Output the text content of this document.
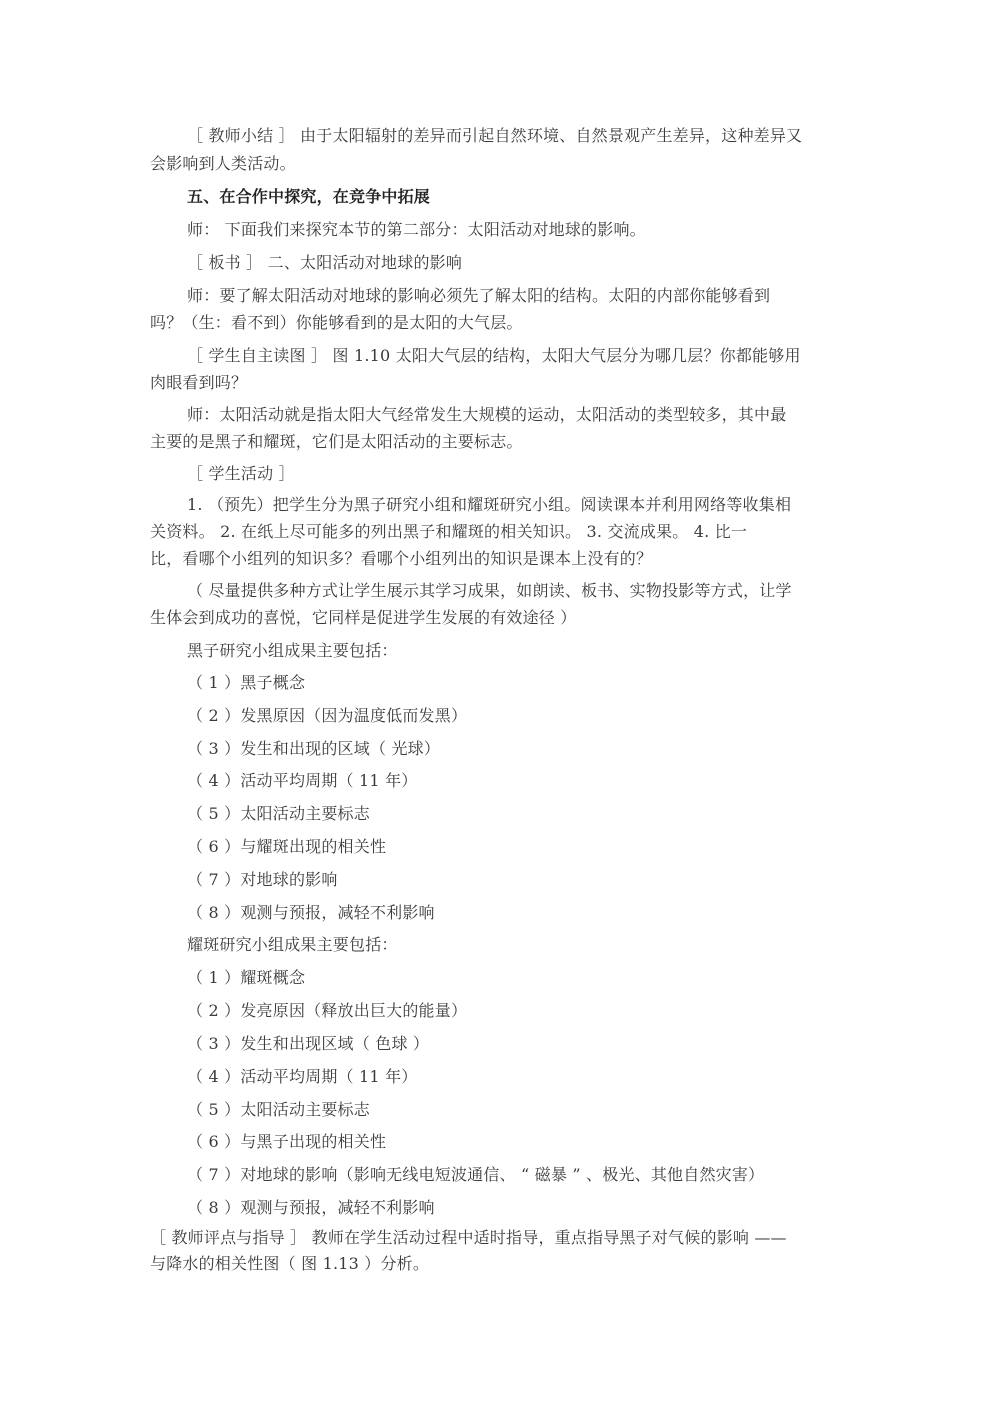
［ 教师小结 ］ 由于太阳辐射的差异而引起自然环境、自然景观产生差异，这种差异又
会影响到人类活动。
五、在合作中探究，在竞争中拓展
师： 下面我们来探究本节的第二部分：太阳活动对地球的影响。
［ 板书 ］ 二、太阳活动对地球的影响
师：要了解太阳活动对地球的影响必须先了解太阳的结构。太阳的内部你能够看到
吗？（生：看不到）你能够看到的是太阳的大气层。
［ 学生自主读图 ］ 图 1.10 太阳大气层的结构，太阳大气层分为哪几层？你都能够用
肉眼看到吗？
师：太阳活动就是指太阳大气经常发生大规模的运动，太阳活动的类型较多，其中最
主要的是黑子和耀斑，它们是太阳活动的主要标志。
［ 学生活动 ］
1. （预先）把学生分为黑子研究小组和耀斑研究小组。阅读课本并利用网络等收集相
关资料。 2. 在纸上尽可能多的列出黑子和耀斑的相关知识。 3. 交流成果。 4. 比一
比，看哪个小组列的知识多？看哪个小组列出的知识是课本上没有的？
（ 尽量提供多种方式让学生展示其学习成果，如朗读、板书、实物投影等方式，让学
生体会到成功的喜悦，它同样是促进学生发展的有效途径 ）
黑子研究小组成果主要包括：
（ 1 ）黑子概念
（ 2 ）发黑原因（因为温度低而发黑）
（ 3 ）发生和出现的区域（ 光球）
（ 4 ）活动平均周期（ 11 年）
（ 5 ）太阳活动主要标志
（ 6 ）与耀斑出现的相关性
（ 7 ）对地球的影响
（ 8 ）观测与预报，减轻不利影响
耀斑研究小组成果主要包括：
（ 1 ）耀斑概念
（ 2 ）发亮原因（释放出巨大的能量）
（ 3 ）发生和出现区域（ 色球 ）
（ 4 ）活动平均周期（ 11 年）
（ 5 ）太阳活动主要标志
（ 6 ）与黑子出现的相关性
（ 7 ）对地球的影响（影响无线电短波通信、 “ 磁暴 ” 、极光、其他自然灾害）
（ 8 ）观测与预报，减轻不利影响
［ 教师评点与指导 ］ 教师在学生活动过程中适时指导，重点指导黑子对气候的影响 ——
与降水的相关性图（ 图 1.13 ）分析。
